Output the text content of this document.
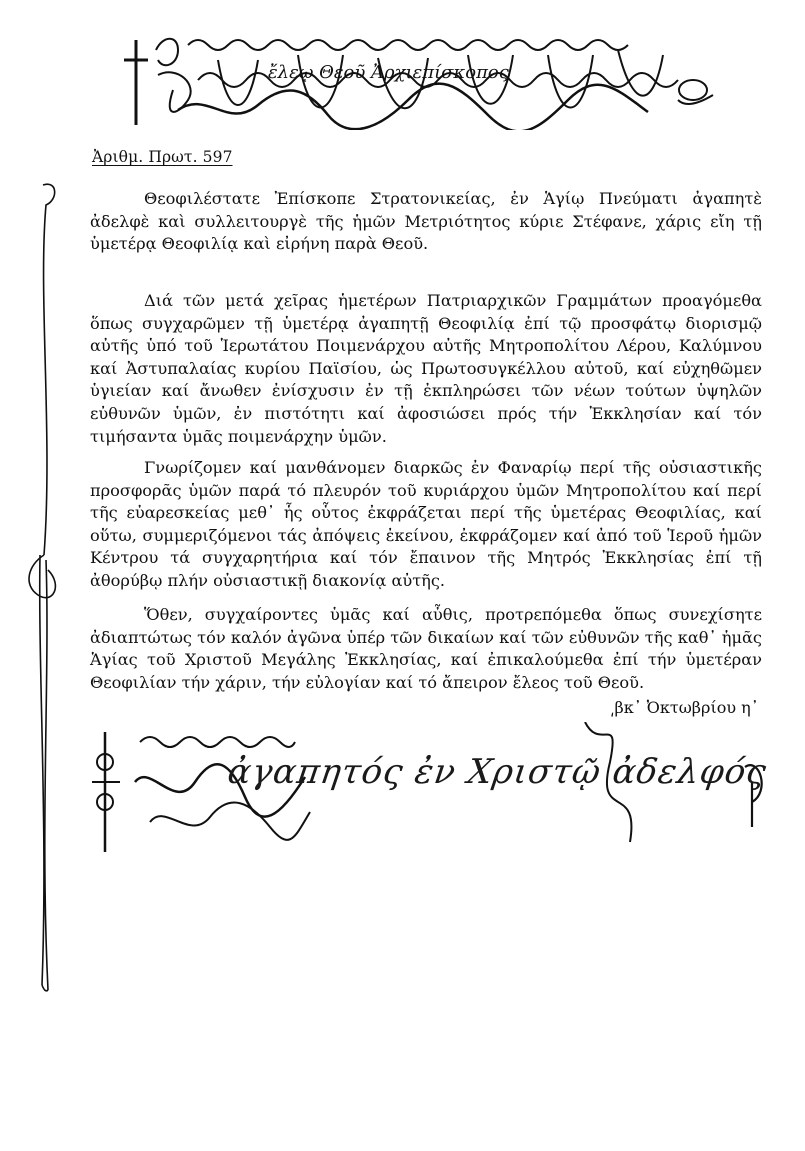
ἔλεῳ Θεοῦ Ἀρχιεπίσκοπος
Ἀριθμ. Πρωτ. 597

Θεοφιλέστατε Ἐπίσκοπε Στρατονικείας, ἐν Ἁγίῳ Πνεύματι ἀγαπητὲ ἀδελφὲ καὶ συλλειτουργὲ τῆς ἡμῶν Μετριότητος κύριε Στέφανε, χάρις εἴη τῇ ὑμετέρᾳ Θεοφιλίᾳ καὶ εἰρήνη παρὰ Θεοῦ.

Διά τῶν μετά χεῖρας ἡμετέρων Πατριαρχικῶν Γραμμάτων προαγόμεθα ὅπως συγχαρῶμεν τῇ ὑμετέρᾳ ἀγαπητῇ Θεοφιλίᾳ ἐπί τῷ προσφάτῳ διορισμῷ αὐτῆς ὑπό τοῦ Ἱερωτάτου Ποιμενάρχου αὐτῆς Μητροπολίτου Λέρου, Καλύμνου καί Ἀστυπαλαίας κυρίου Παϊσίου, ὡς Πρωτοσυγκέλλου αὐτοῦ, καί εὐχηθῶμεν ὑγιείαν καί ἄνωθεν ἐνίσχυσιν ἐν τῇ ἐκπληρώσει τῶν νέων τούτων ὑψηλῶν εὐθυνῶν ὑμῶν, ἐν πιστότητι καί ἀφοσιώσει πρός τήν Ἐκκλησίαν καί τόν τιμήσαντα ὑμᾶς ποιμενάρχην ὑμῶν.

Γνωρίζομεν καί μανθάνομεν διαρκῶς ἐν Φαναρίῳ περί τῆς οὐσιαστικῆς προσφορᾶς ὑμῶν παρά τό πλευρόν τοῦ κυριάρχου ὑμῶν Μητροπολίτου καί περί τῆς εὐαρεσκείας μεθ᾽ ἧς οὗτος ἐκφράζεται περί τῆς ὑμετέρας Θεοφιλίας, καί οὕτω, συμμεριζόμενοι τάς ἀπόψεις ἐκείνου, ἐκφράζομεν καί ἀπό τοῦ Ἱεροῦ ἡμῶν Κέντρου τά συγχαρητήρια καί τόν ἔπαινον τῆς Μητρός Ἐκκλησίας ἐπί τῇ ἀθορύβῳ πλήν οὐσιαστικῇ διακονίᾳ αὐτῆς.

Ὅθεν, συγχαίροντες ὑμᾶς καί αὖθις, προτρεπόμεθα ὅπως συνεχίσητε ἀδιαπτώτως τόν καλόν ἀγῶνα ὑπέρ τῶν δικαίων καί τῶν εὐθυνῶν τῆς καθ᾽ ἡμᾶς Ἁγίας τοῦ Χριστοῦ Μεγάλης Ἐκκλησίας, καί ἐπικαλούμεθα ἐπί τήν ὑμετέραν Θεοφιλίαν τήν χάριν, τήν εὐλογίαν καί τό ἄπειρον ἔλεος τοῦ Θεοῦ.

͵βκ᾽ Ὀκτωβρίου η᾽
ἀγαπητός ἐν Χριστῷ ἀδελφός
